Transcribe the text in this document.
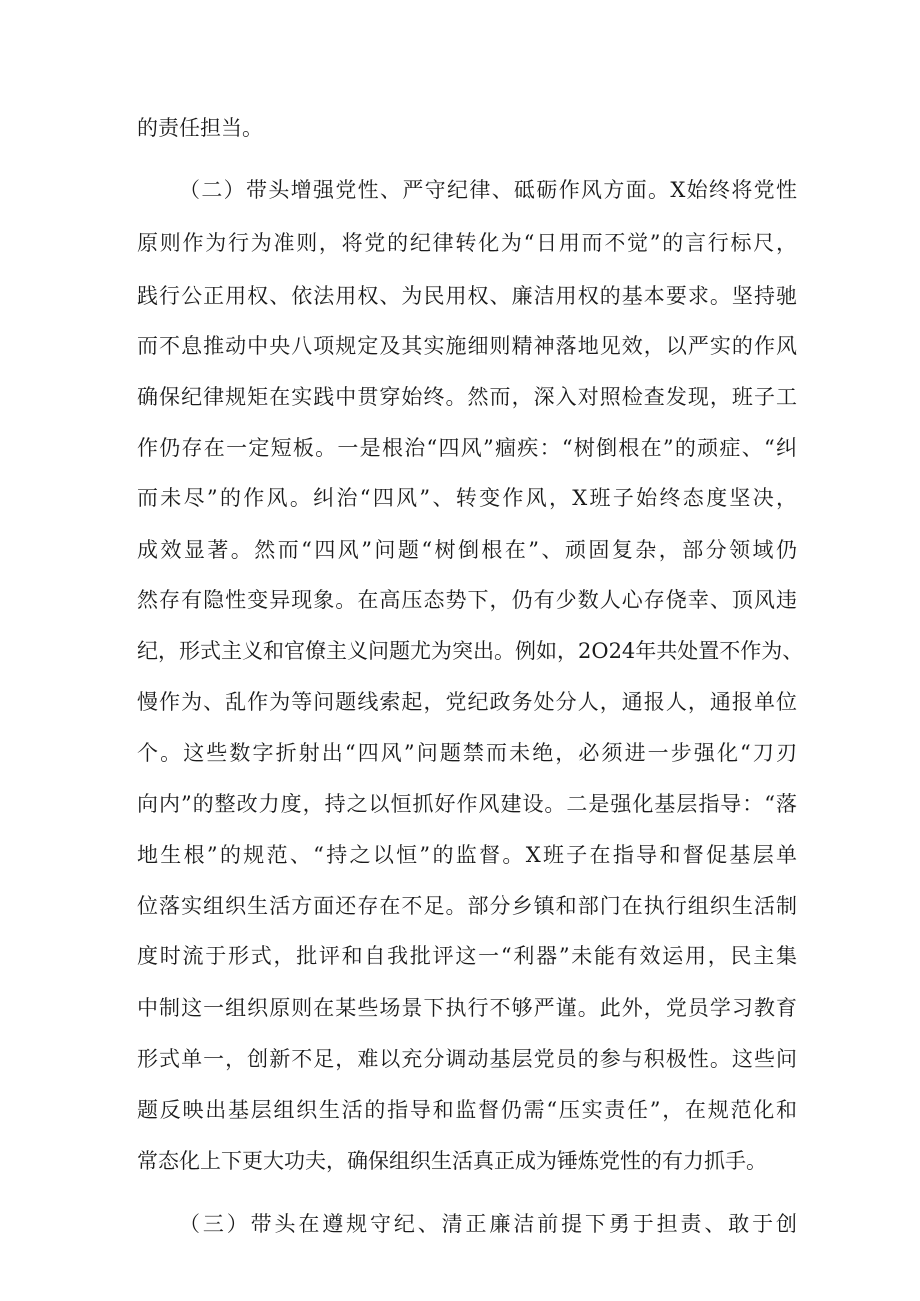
的责任担当。
（二）带头增强党性、严守纪律、砥砺作风方面。X始终将党性
原则作为行为准则，将党的纪律转化为“日用而不觉”的言行标尺，
践行公正用权、依法用权、为民用权、廉洁用权的基本要求。坚持驰
而不息推动中央八项规定及其实施细则精神落地见效，以严实的作风
确保纪律规矩在实践中贯穿始终。然而，深入对照检查发现，班子工
作仍存在一定短板。一是根治“四风”痼疾：“树倒根在”的顽症、“纠
而未尽”的作风。纠治“四风”、转变作风，X班子始终态度坚决，
成效显著。然而“四风”问题“树倒根在”、顽固复杂，部分领域仍
然存有隐性变异现象。在高压态势下，仍有少数人心存侥幸、顶风违
纪，形式主义和官僚主义问题尤为突出。例如，2O24年共处置不作为、
慢作为、乱作为等问题线索起，党纪政务处分人，通报人，通报单位
个。这些数字折射出“四风”问题禁而未绝，必须进一步强化“刀刃
向内”的整改力度，持之以恒抓好作风建设。二是强化基层指导：“落
地生根”的规范、“持之以恒”的监督。X班子在指导和督促基层单
位落实组织生活方面还存在不足。部分乡镇和部门在执行组织生活制
度时流于形式，批评和自我批评这一“利器”未能有效运用，民主集
中制这一组织原则在某些场景下执行不够严谨。此外，党员学习教育
形式单一，创新不足，难以充分调动基层党员的参与积极性。这些问
题反映出基层组织生活的指导和监督仍需“压实责任”，在规范化和
常态化上下更大功夫，确保组织生活真正成为锤炼党性的有力抓手。
（三）带头在遵规守纪、清正廉洁前提下勇于担责、敢于创
